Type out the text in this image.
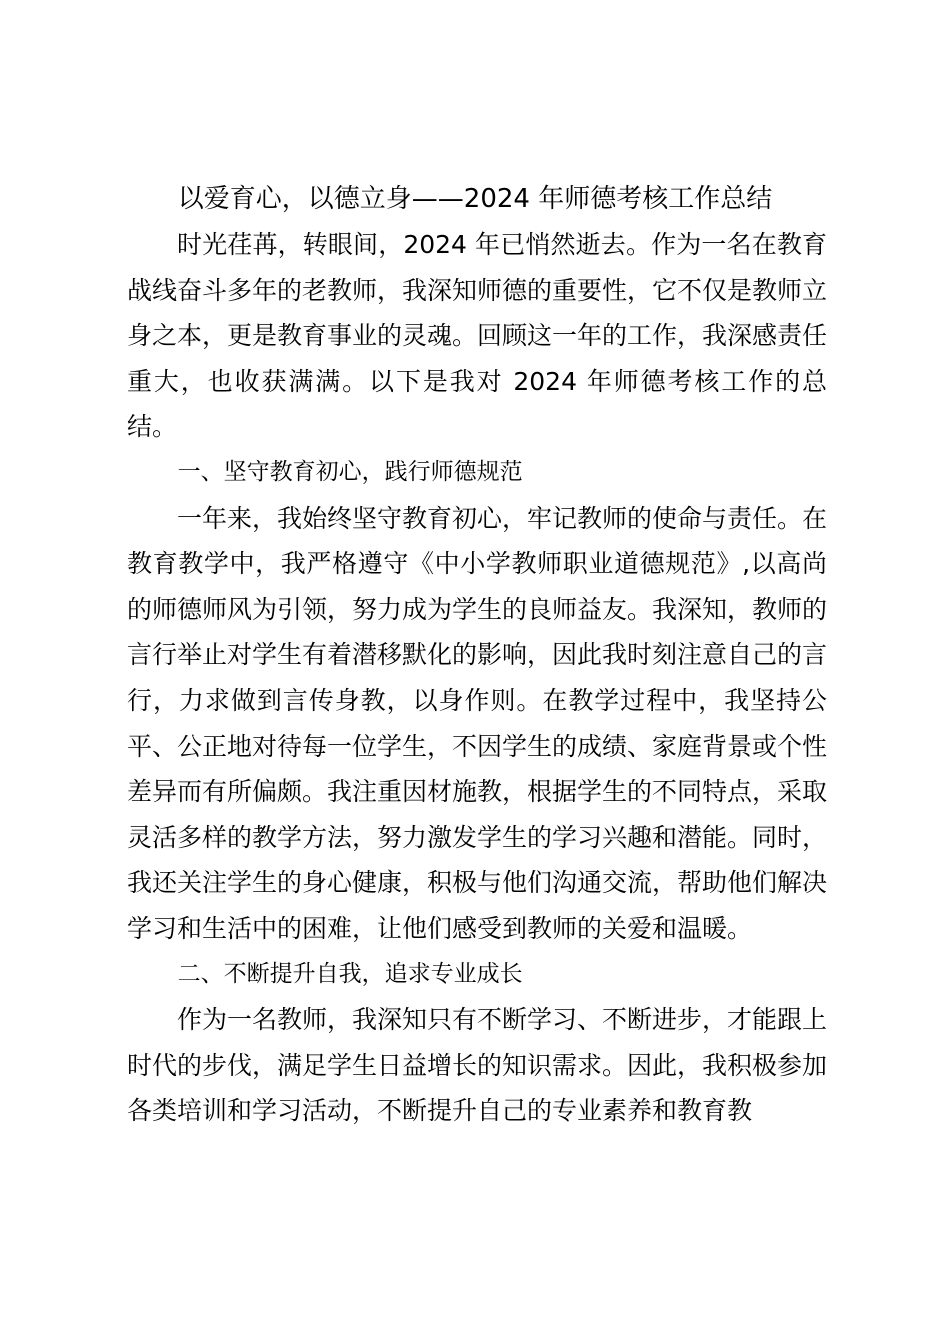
以爱育心，以德立身——2024 年师德考核工作总结

时光荏苒，转眼间，2024 年已悄然逝去。作为一名在教育战线奋斗多年的老教师，我深知师德的重要性，它不仅是教师立身之本，更是教育事业的灵魂。回顾这一年的工作，我深感责任重大，也收获满满。以下是我对 2024 年师德考核工作的总结。

一、坚守教育初心，践行师德规范

一年来，我始终坚守教育初心，牢记教师的使命与责任。在教育教学中，我严格遵守《中小学教师职业道德规范》,以高尚的师德师风为引领，努力成为学生的良师益友。我深知，教师的言行举止对学生有着潜移默化的影响，因此我时刻注意自己的言行，力求做到言传身教，以身作则。在教学过程中，我坚持公平、公正地对待每一位学生，不因学生的成绩、家庭背景或个性差异而有所偏颇。我注重因材施教，根据学生的不同特点，采取灵活多样的教学方法，努力激发学生的学习兴趣和潜能。同时，我还关注学生的身心健康，积极与他们沟通交流，帮助他们解决学习和生活中的困难，让他们感受到教师的关爱和温暖。

二、不断提升自我，追求专业成长

作为一名教师，我深知只有不断学习、不断进步，才能跟上时代的步伐，满足学生日益增长的知识需求。因此，我积极参加各类培训和学习活动，不断提升自己的专业素养和教育教
